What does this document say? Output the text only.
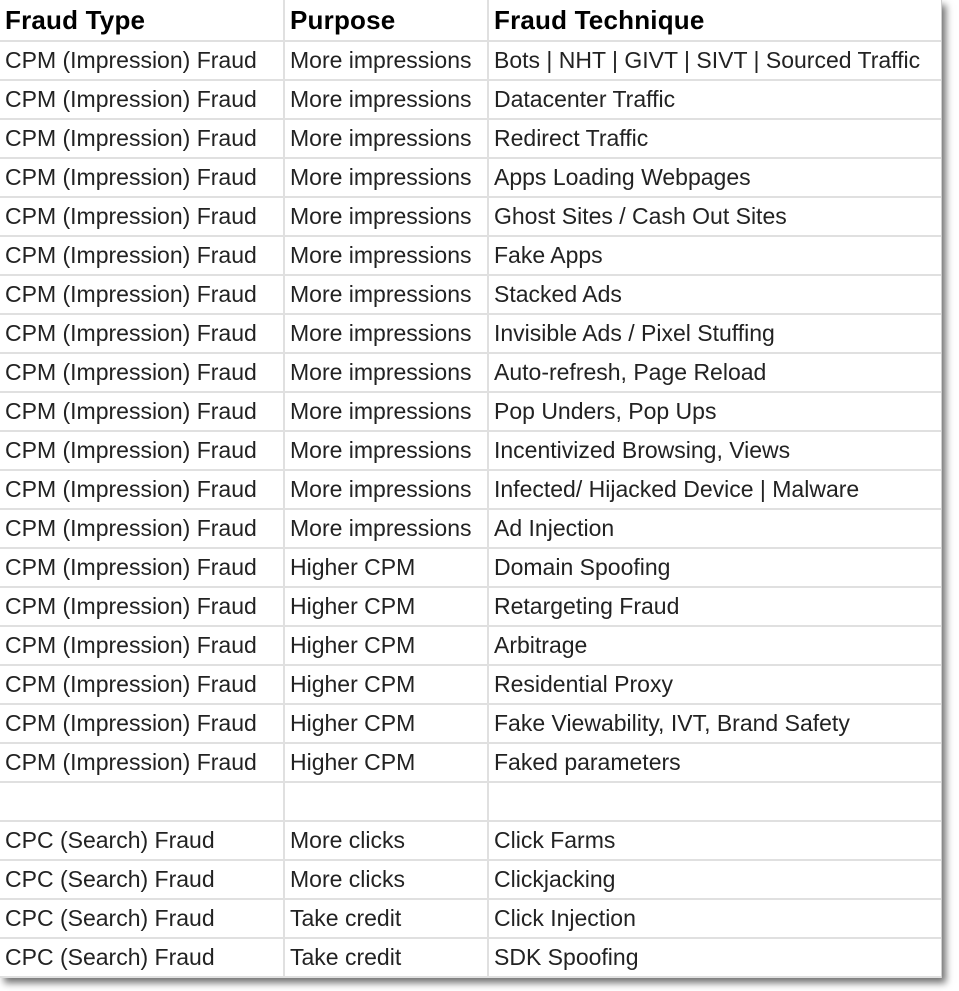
Fraud Type	Purpose	Fraud Technique
CPM (Impression) Fraud	More impressions	Bots | NHT | GIVT | SIVT | Sourced Traffic
CPM (Impression) Fraud	More impressions	Datacenter Traffic
CPM (Impression) Fraud	More impressions	Redirect Traffic
CPM (Impression) Fraud	More impressions	Apps Loading Webpages
CPM (Impression) Fraud	More impressions	Ghost Sites / Cash Out Sites
CPM (Impression) Fraud	More impressions	Fake Apps
CPM (Impression) Fraud	More impressions	Stacked Ads
CPM (Impression) Fraud	More impressions	Invisible Ads / Pixel Stuffing
CPM (Impression) Fraud	More impressions	Auto-refresh, Page Reload
CPM (Impression) Fraud	More impressions	Pop Unders, Pop Ups
CPM (Impression) Fraud	More impressions	Incentivized Browsing, Views
CPM (Impression) Fraud	More impressions	Infected/ Hijacked Device | Malware
CPM (Impression) Fraud	More impressions	Ad Injection
CPM (Impression) Fraud	Higher CPM	Domain Spoofing
CPM (Impression) Fraud	Higher CPM	Retargeting Fraud
CPM (Impression) Fraud	Higher CPM	Arbitrage
CPM (Impression) Fraud	Higher CPM	Residential Proxy
CPM (Impression) Fraud	Higher CPM	Fake Viewability, IVT, Brand Safety
CPM (Impression) Fraud	Higher CPM	Faked parameters

CPC (Search) Fraud	More clicks	Click Farms
CPC (Search) Fraud	More clicks	Clickjacking
CPC (Search) Fraud	Take credit	Click Injection
CPC (Search) Fraud	Take credit	SDK Spoofing
